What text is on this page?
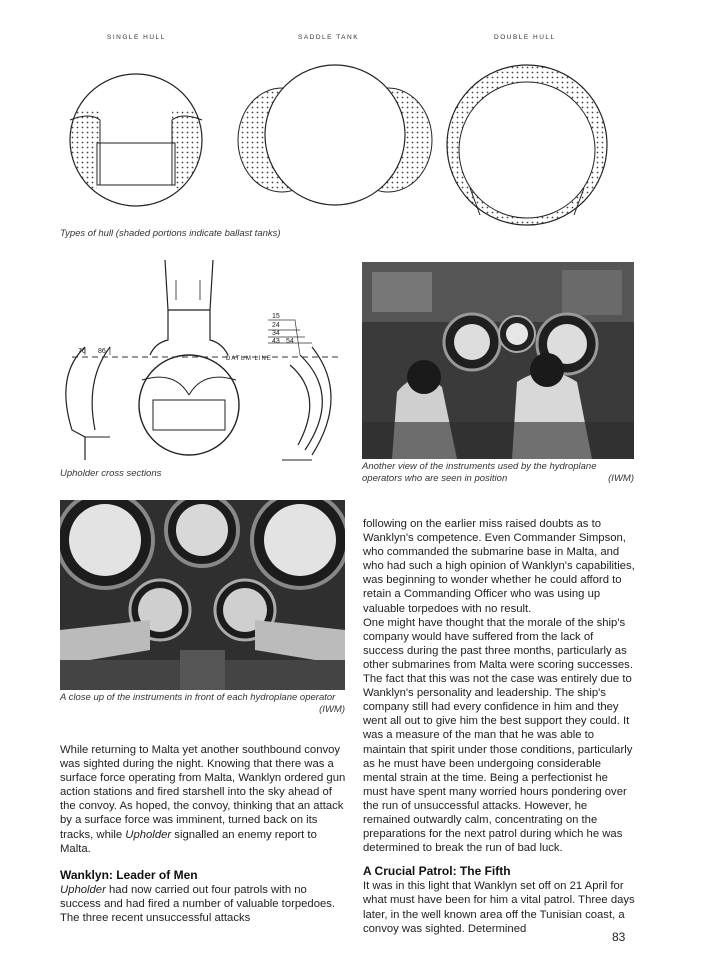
SINGLE HULL	SADDLE TANK	DOUBLE HULL
Types of hull (shaded portions indicate ballast tanks)
DATUM LINE
76 86
15
24
34
43 54
Upholder cross sections
Another view of the instruments used by the hydroplane operators who are seen in position	(IWM)
A close up of the instruments in front of each hydroplane operator
(IWM)

While returning to Malta yet another southbound convoy was sighted during the night. Knowing that there was a surface force operating from Malta, Wanklyn ordered gun action stations and fired starshell into the sky ahead of the convoy. As hoped, the convoy, thinking that an attack by a surface force was imminent, turned back on its tracks, while Upholder signalled an enemy report to Malta.

Wanklyn: Leader of Men

Upholder had now carried out four patrols with no success and had fired a number of valuable torpedoes. The three recent unsuccessful attacks

following on the earlier miss raised doubts as to Wanklyn's competence. Even Commander Simpson, who commanded the submarine base in Malta, and who had such a high opinion of Wanklyn's capabilities, was beginning to wonder whether he could afford to retain a Commanding Officer who was using up valuable torpedoes with no result.

One might have thought that the morale of the ship's company would have suffered from the lack of success during the past three months, particularly as other submarines from Malta were scoring successes. The fact that this was not the case was entirely due to Wanklyn's personality and leadership. The ship's company still had every confidence in him and they went all out to give him the best support they could. It was a measure of the man that he was able to maintain that spirit under those conditions, particularly as he must have been undergoing considerable mental strain at the time. Being a perfectionist he must have spent many worried hours pondering over the run of unsuccessful attacks. However, he remained outwardly calm, concentrating on the preparations for the next patrol during which he was determined to break the run of bad luck.

A Crucial Patrol: The Fifth

It was in this light that Wanklyn set off on 21 April for what must have been for him a vital patrol. Three days later, in the well known area off the Tunisian coast, a convoy was sighted. Determined

83
